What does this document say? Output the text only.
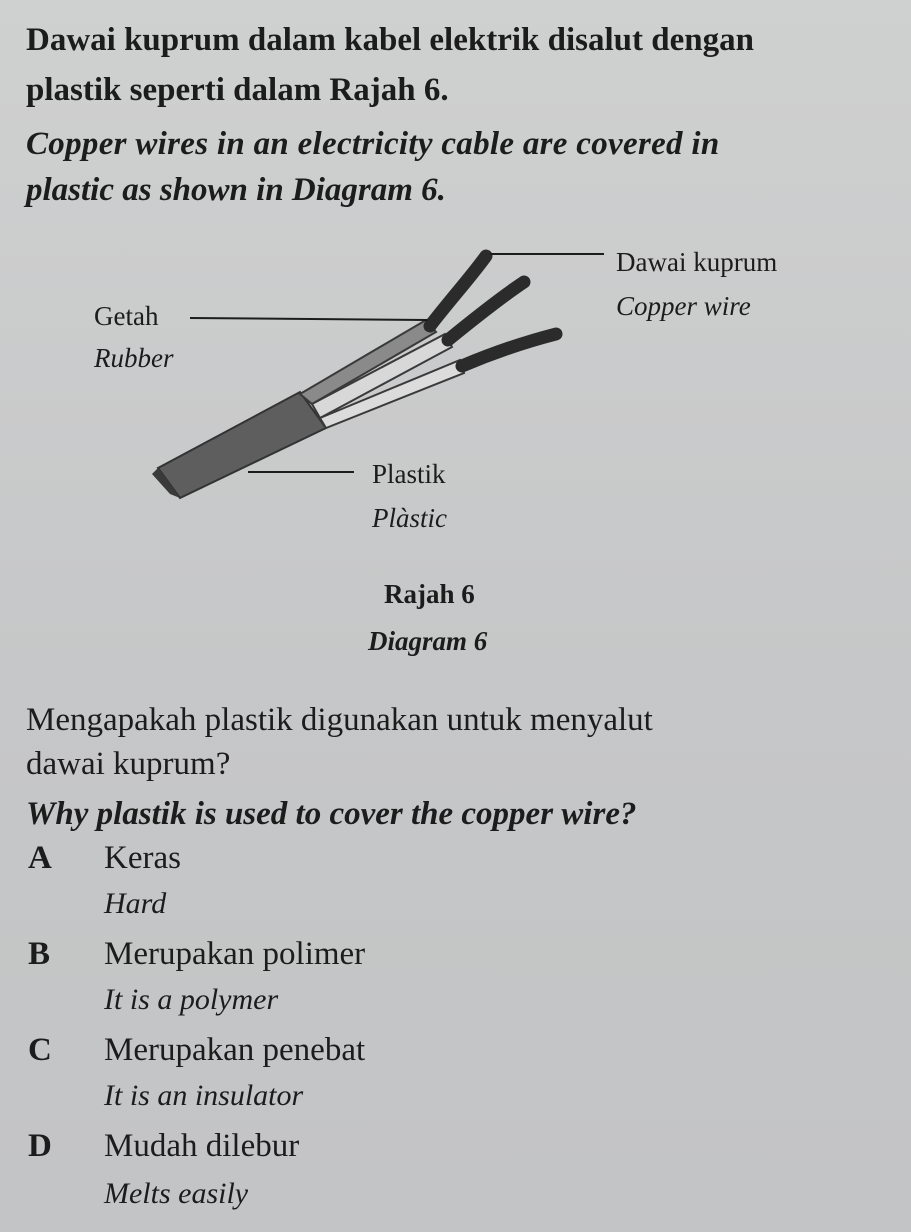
Dawai kuprum dalam kabel elektrik disalut dengan
plastik seperti dalam Rajah 6.
Copper wires in an electricity cable are covered in
plastic as shown in Diagram 6.
Dawai kuprum
Copper wire
Getah
Rubber
Plastik
Plàstic
Rajah 6
Diagram 6
Mengapakah plastik digunakan untuk menyalut
dawai kuprum?
Why plastik is used to cover the copper wire?
A Keras
Hard
B Merupakan polimer
It is a polymer
C Merupakan penebat
It is an insulator
D Mudah dilebur
Melts easily
